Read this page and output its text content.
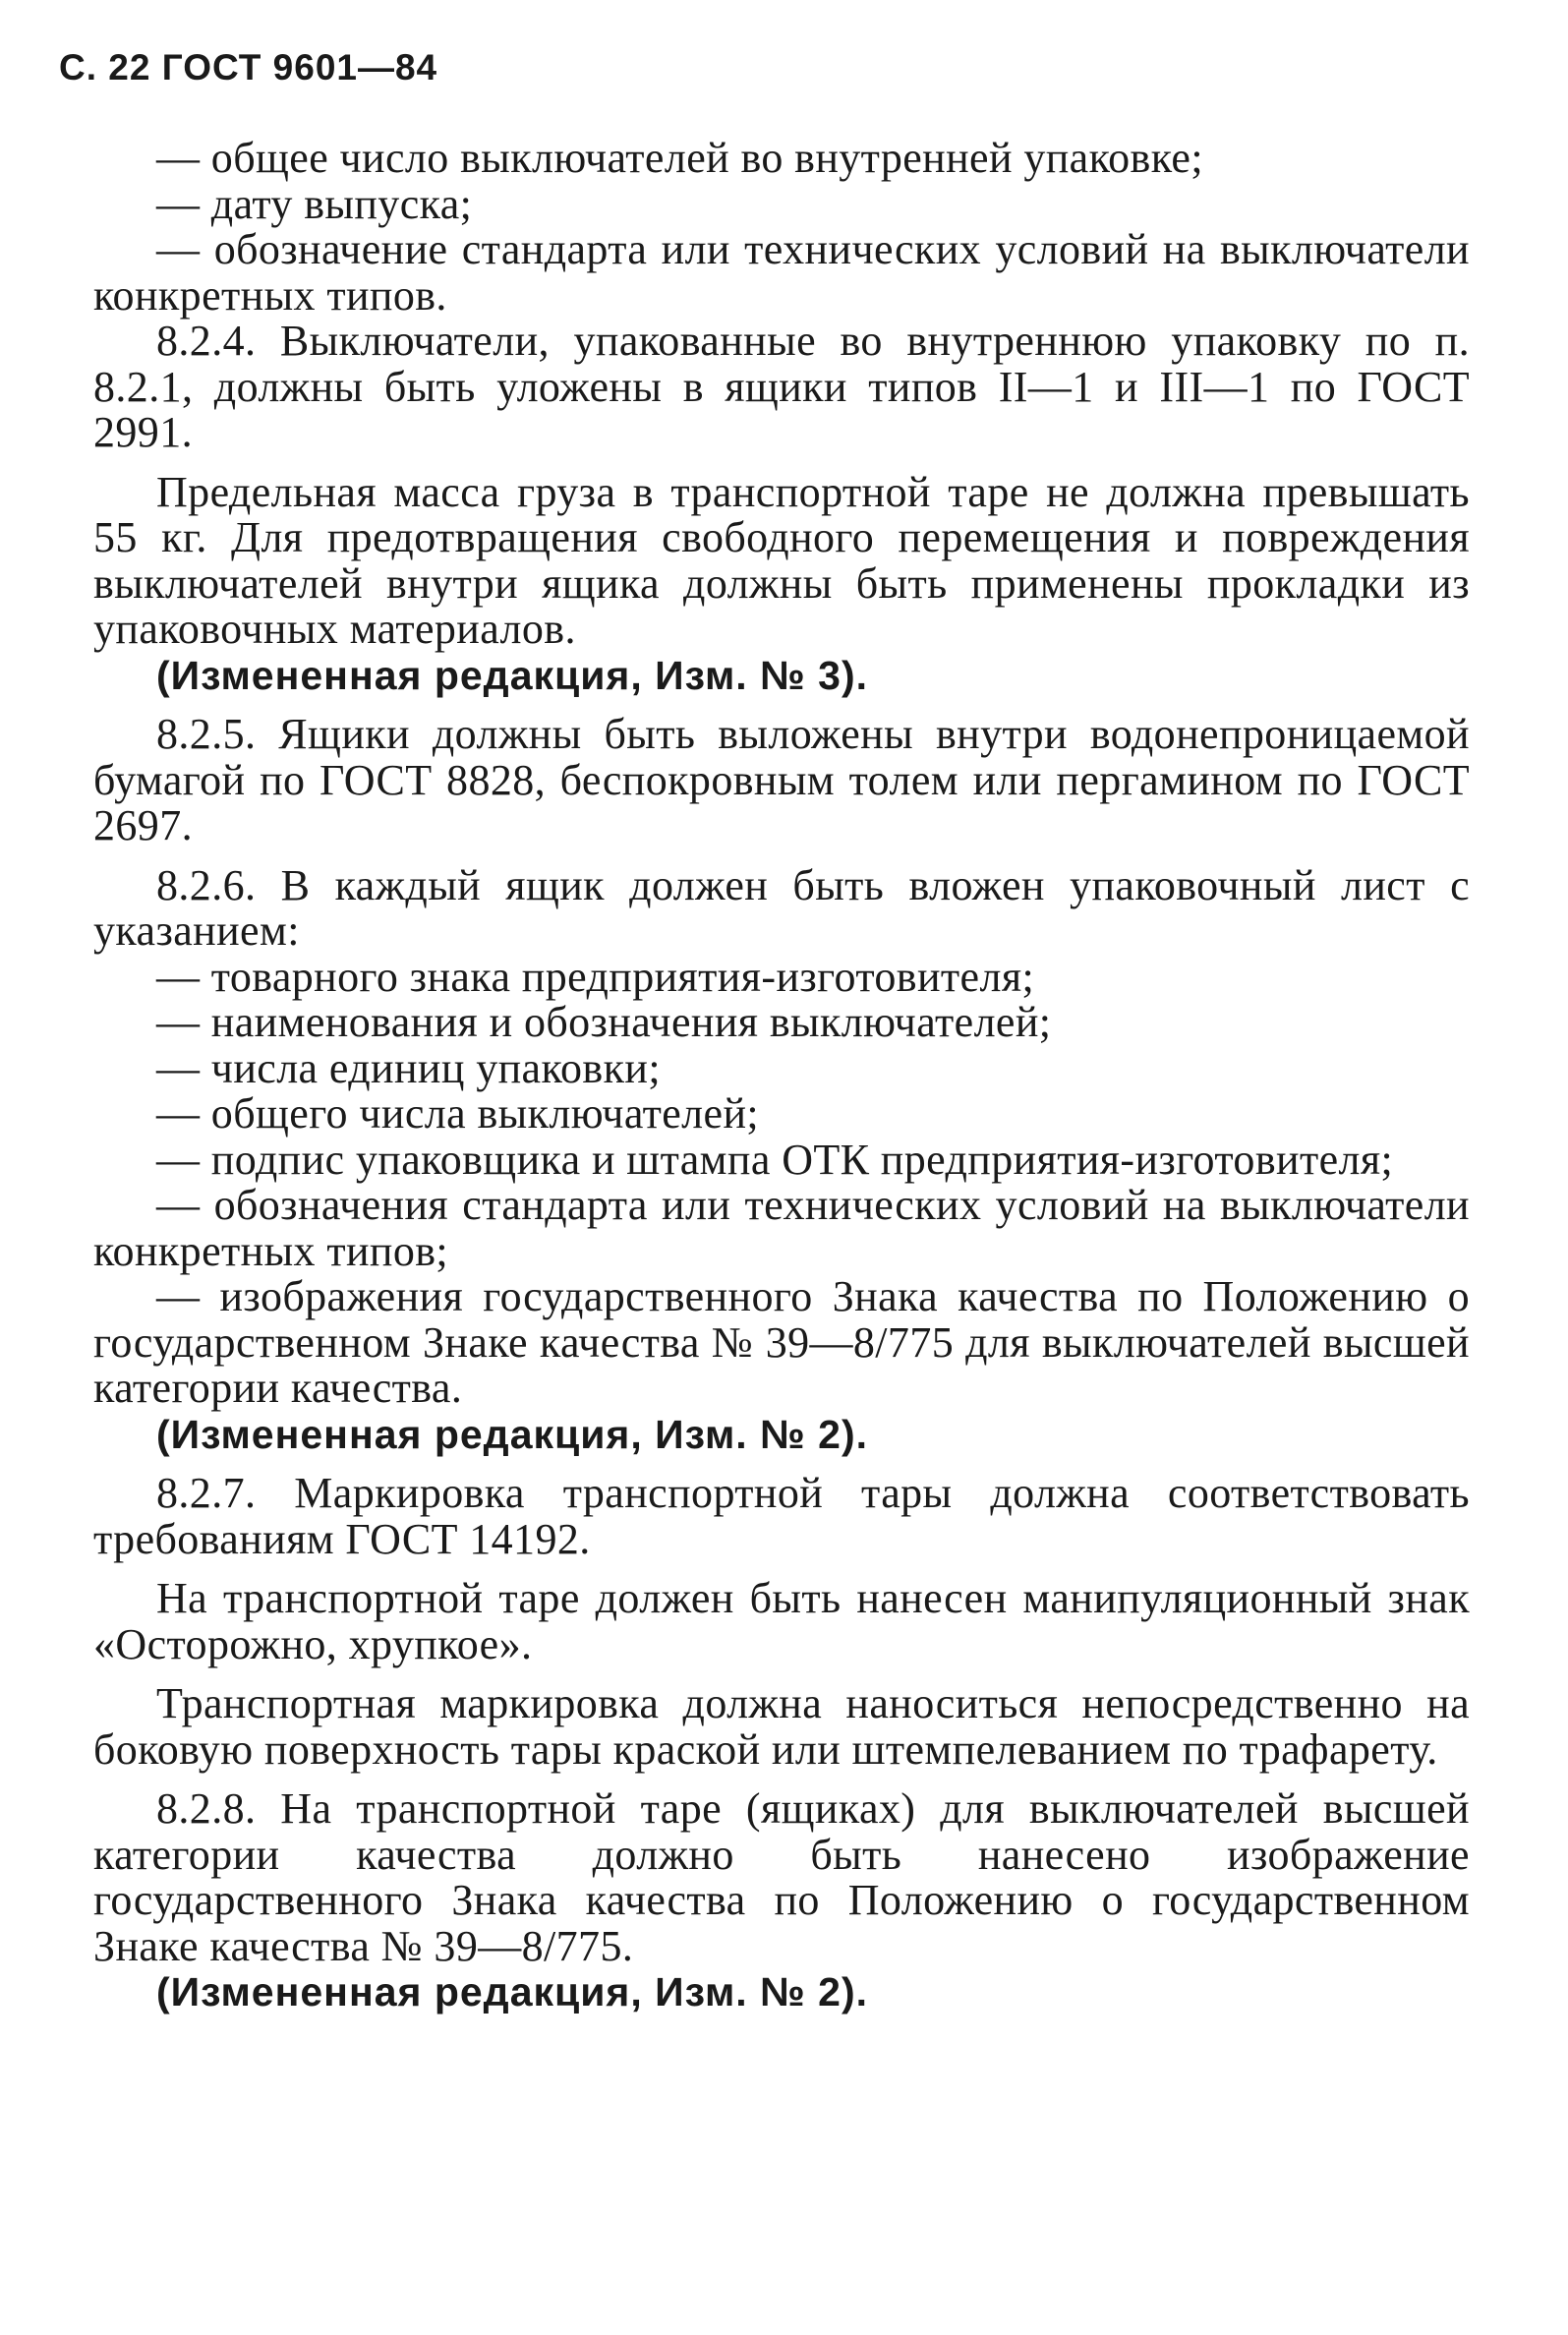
С. 22 ГОСТ 9601—84

— общее число выключателей во внутренней упаковке;

— дату выпуска;

— обозначение стандарта или технических условий на выключатели конкретных типов.

8.2.4. Выключатели, упакованные во внутреннюю упаковку по п. 8.2.1, должны быть уложены в ящики типов II—1 и III—1 по ГОСТ 2991.

Предельная масса груза в транспортной таре не должна превышать 55 кг. Для предотвращения свободного перемещения и повреждения выключателей внутри ящика должны быть применены прокладки из упаковочных материалов.

(Измененная редакция, Изм. № 3).

8.2.5. Ящики должны быть выложены внутри водонепроницаемой бумагой по ГОСТ 8828, беспокровным толем или пергамином по ГОСТ 2697.

8.2.6. В каждый ящик должен быть вложен упаковочный лист с указанием:

— товарного знака предприятия-изготовителя;

— наименования и обозначения выключателей;

— числа единиц упаковки;

— общего числа выключателей;

— подпис упаковщика и штампа ОТК предприятия-изготовителя;

— обозначения стандарта или технических условий на выключатели конкретных типов;

— изображения государственного Знака качества по Положению о государственном Знаке качества № 39—8/775 для выключателей высшей категории качества.

(Измененная редакция, Изм. № 2).

8.2.7. Маркировка транспортной тары должна соответствовать требованиям ГОСТ 14192.

На транспортной таре должен быть нанесен манипуляционный знак «Осторожно, хрупкое».

Транспортная маркировка должна наноситься непосредственно на боковую поверхность тары краской или штемпелеванием по трафарету.

8.2.8. На транспортной таре (ящиках) для выключателей высшей категории качества должно быть нанесено изображение государственного Знака качества по Положению о государственном Знаке качества № 39—8/775.

(Измененная редакция, Изм. № 2).
